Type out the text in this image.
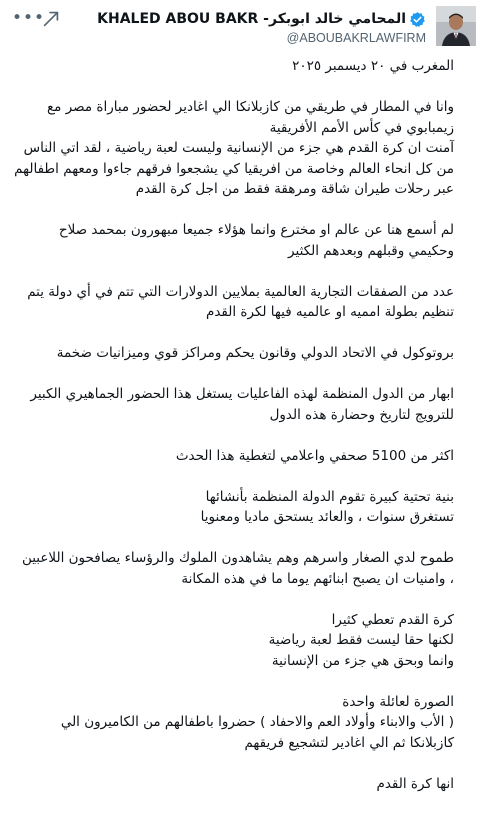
•••	المحامي خالد ابوبكر- KHALED ABOU BAKR
@ABOUBAKRLAWFIRM

المغرب في ٢٠ ديسمبر ٢٠٢٥

وانا في المطار في طريقي من كازبلانكا الي اغادير لحضور مباراة مصر مع زيمبابوي في كأس الأمم الأفريقية
آمنت ان كرة القدم هي جزء من الإنسانية وليست لعبة رياضية ، لقد اتي الناس من كل انحاء العالم وخاصة من افريقيا كي يشجعوا فرقهم جاءوا ومعهم اطفالهم عبر رحلات طيران شاقة ومرهقة فقط من اجل كرة القدم

لم أسمع هنا عن عالم او مخترع وانما هؤلاء جميعا مبهورون بمحمد صلاح وحكيمي وقبلهم وبعدهم الكثير

عدد من الصفقات التجارية العالمية بملايين الدولارات التي تتم في أي دولة يتم تنظيم بطولة امميه او عالميه فيها لكرة القدم

بروتوكول في الاتحاد الدولي وقانون يحكم ومراكز قوي وميزانيات ضخمة

ابهار من الدول المنظمة لهذه الفاعليات يستغل هذا الحضور الجماهيري الكبير للترويج لتاريخ وحضارة هذه الدول

اكثر من 5100 صحفي واعلامي لتغطية هذا الحدث

بنية تحتية كبيرة تقوم الدولة المنظمة بأنشائها
تستغرق سنوات ، والعائد يستحق ماديا ومعنويا

طموح لدي الصغار واسرهم وهم يشاهدون الملوك والرؤساء يصافحون اللاعبين ، وامنيات ان يصبح ابنائهم يوما ما في هذه المكانة

كرة القدم تعطي كثيرا
لكنها حقا ليست فقط لعبة رياضية
وانما وبحق هي جزء من الإنسانية

الصورة لعائلة واحدة
( الأب والابناء وأولاد العم والاحفاد ) حضروا باطفالهم من الكاميرون الي كازبلانكا ثم الي اغادير لتشجيع فريقهم

انها كرة القدم
